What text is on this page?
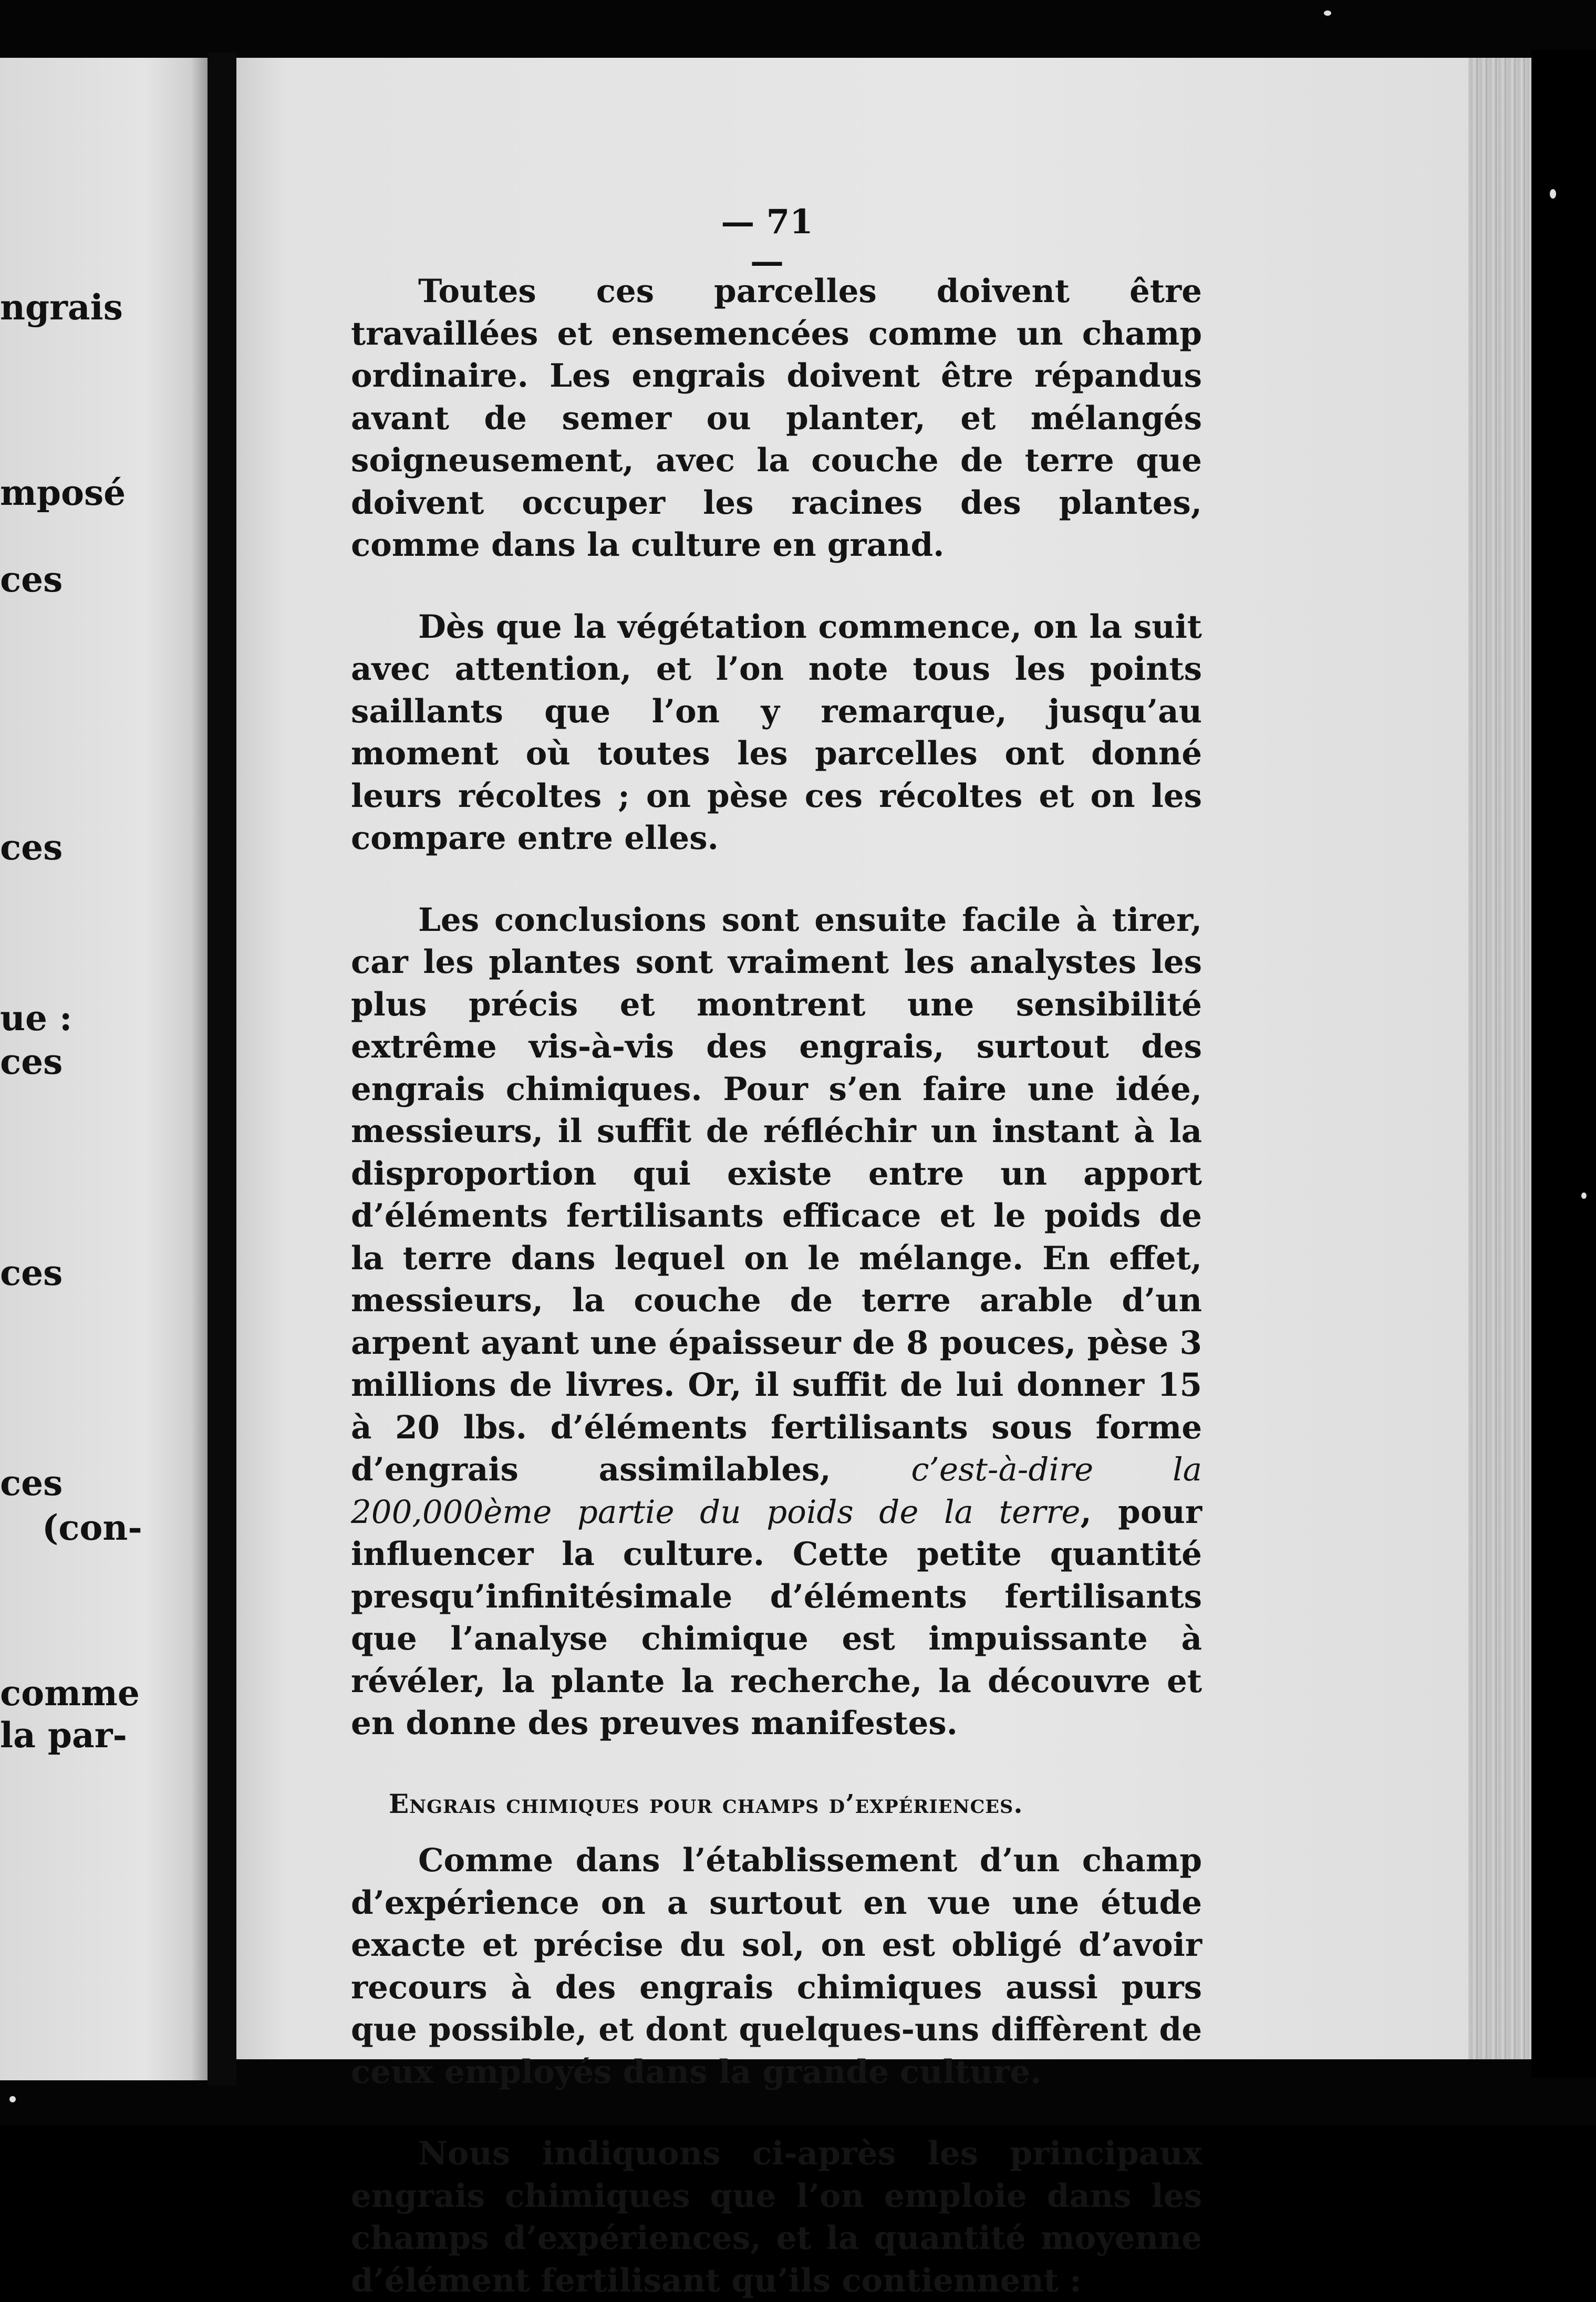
ngrais
mposé
ces
ces
ue :
ces
ces
ces
(con-
comme
la par-
— 71 —

Toutes ces parcelles doivent être travaillées et ensemencées comme un champ ordinaire. Les engrais doivent être répandus avant de semer ou planter, et mélangés soigneusement, avec la couche de terre que doivent occuper les racines des plantes, comme dans la culture en grand.

Dès que la végétation commence, on la suit avec attention, et l’on note tous les points saillants que l’on y remarque, jusqu’au moment où toutes les parcelles ont donné leurs récoltes ; on pèse ces récoltes et on les compare entre elles.

Les conclusions sont ensuite facile à tirer, car les plantes sont vraiment les analystes les plus précis et montrent une sensibilité extrême vis-à-vis des engrais, surtout des engrais chimiques. Pour s’en faire une idée, messieurs, il suffit de réfléchir un instant à la disproportion qui existe entre un apport d’éléments fertilisants efficace et le poids de la terre dans lequel on le mélange. En effet, messieurs, la couche de terre arable d’un arpent ayant une épaisseur de 8 pouces, pèse 3 millions de livres. Or, il suffit de lui donner 15 à 20 lbs. d’éléments fertilisants sous forme d’engrais assimilables,	c’est-à-dire la 200,000ème partie du poids de la terre, pour influencer la culture. Cette petite quantité presqu’infinitésimale d’éléments fertilisants que l’analyse chimique est impuissante à révéler, la plante la recherche, la découvre et en donne des preuves manifestes.

Engrais chimiques pour champs d’expériences.

Comme dans l’établissement d’un champ d’expérience on a surtout en vue une étude exacte et précise du sol, on est obligé d’avoir recours à des engrais chimiques aussi purs que possible, et dont quelques-uns diffèrent de ceux employés dans la grande culture.

Nous indiquons ci-après les principaux engrais chimiques que l’on emploie dans les champs d’expériences, et la quantité moyenne d’élément fertilisant qu’ils contiennent :
